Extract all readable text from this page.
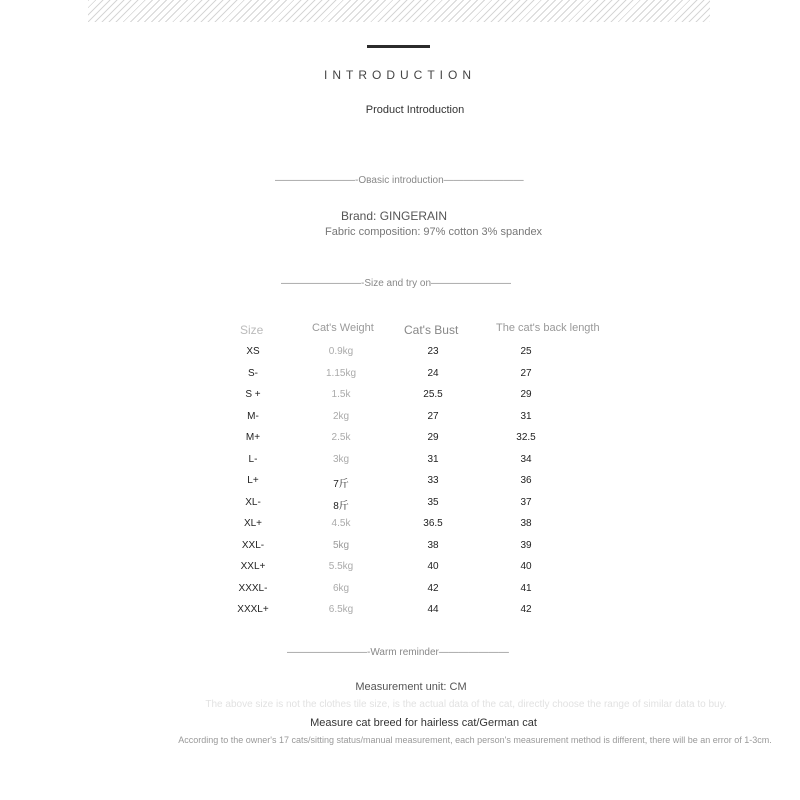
INTRODUCTION
Product Introduction
————————-Oʙasic introduction————————
Brand: GINGERAIN
Fabric composition: 97% cotton 3% spandex
————————-Size and try on————————
Size	Cat's Weight	Cat's Bust	The cat's back length
XS	0.9kg	23	25
S-	1.15kg	24	27
S +	1.5k	25.5	29
M-	2kg	27	31
M+	2.5k	29	32.5
L-	3kg	31	34
L+	7斤	33	36
XL-	8斤	35	37
XL+	4.5k	36.5	38
XXL-	5kg	38	39
XXL+	5.5kg	40	40
XXXL-	6kg	42	41
XXXL+	6.5kg	44	42
————————-Warm reminder———————
Measurement unit: CM
The above size is not the clothes tile size, is the actual data of the cat, directly choose the range of similar data to buy.
Measure cat breed for hairless cat/German cat
According to the owner's 17 cats/sitting status/manual measurement, each person's measurement method is different, there will be an error of 1-3cm.
